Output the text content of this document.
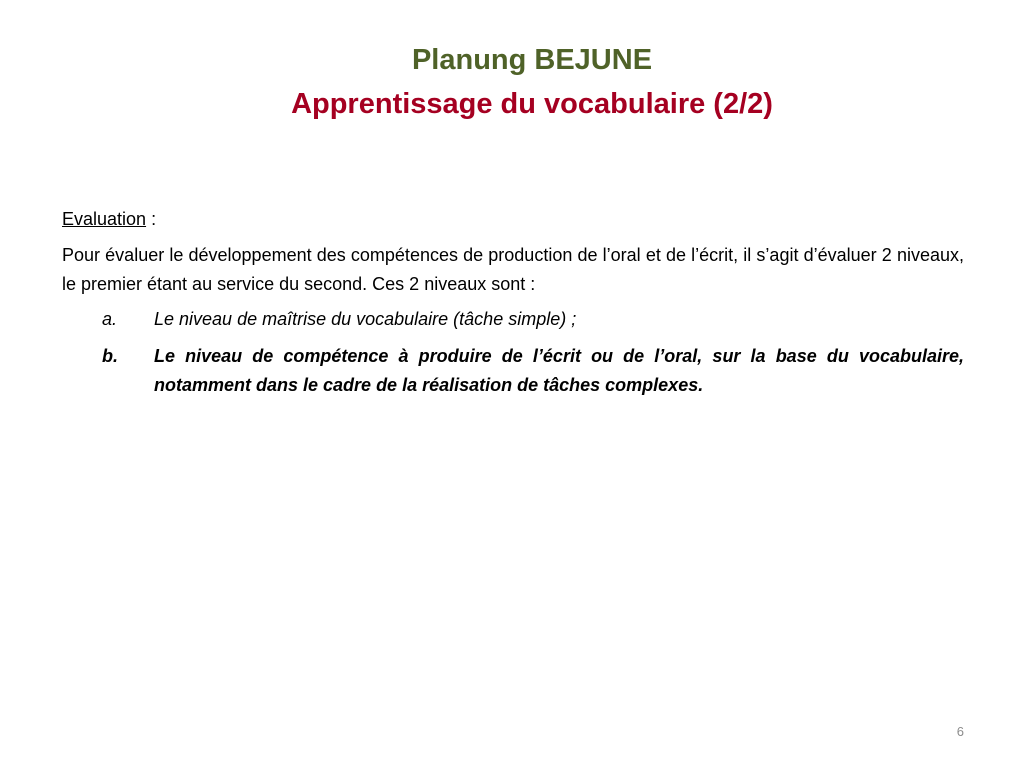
Planung BEJUNE
Apprentissage du vocabulaire (2/2)
Evaluation :
Pour évaluer le développement des compétences de production de l’oral et de l’écrit, il s’agit d’évaluer 2 niveaux, le premier étant au service du second. Ces 2 niveaux sont :
a.	Le niveau de maîtrise du vocabulaire (tâche simple) ;
b.	Le niveau de compétence à produire de l’écrit ou de l’oral, sur la base du vocabulaire, notamment dans le cadre de la réalisation de tâches complexes.
6
